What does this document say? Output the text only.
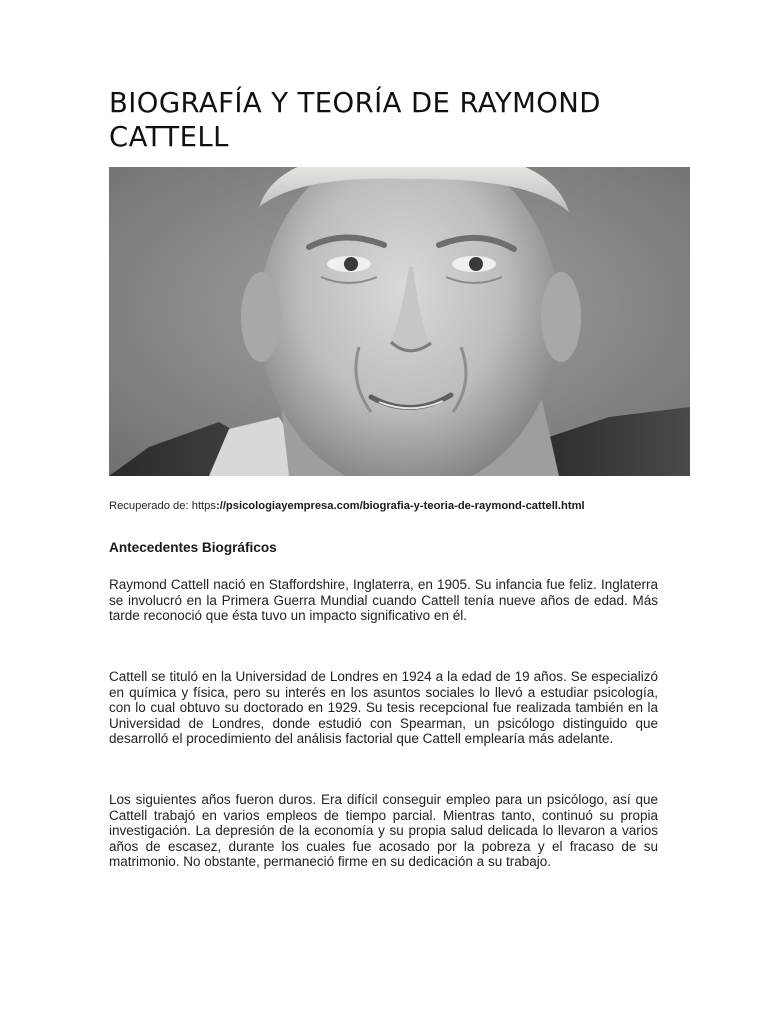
BIOGRAFÍA Y TEORÍA DE RAYMOND CATTELL
Recuperado de: https://psicologiayempresa.com/biografia-y-teoria-de-raymond-cattell.html
Antecedentes Biográficos

Raymond Cattell nació en Staffordshire, Inglaterra, en 1905. Su infancia fue feliz. Inglaterra se involucró en la Primera Guerra Mundial cuando Cattell tenía nueve años de edad. Más tarde reconoció que ésta tuvo un impacto significativo en él.

Cattell se tituló en la Universidad de Londres en 1924 a la edad de 19 años. Se especializó en química y física, pero su interés en los asuntos sociales lo llevó a estudiar psicología, con lo cual obtuvo su doctorado en 1929. Su tesis recepcional fue realizada también en la Universidad de Londres, donde estudió con Spearman, un psicólogo distinguido que desarrolló el procedimiento del análisis factorial que Cattell emplearía más adelante.

Los siguientes años fueron duros. Era difícil conseguir empleo para un psicólogo, así que Cattell trabajó en varios empleos de tiempo parcial. Mientras tanto, continuó su propia investigación. La depresión de la economía y su propia salud delicada lo llevaron a varios años de escasez, durante los cuales fue acosado por la pobreza y el fracaso de su matrimonio. No obstante, permaneció firme en su dedicación a su trabajo.
